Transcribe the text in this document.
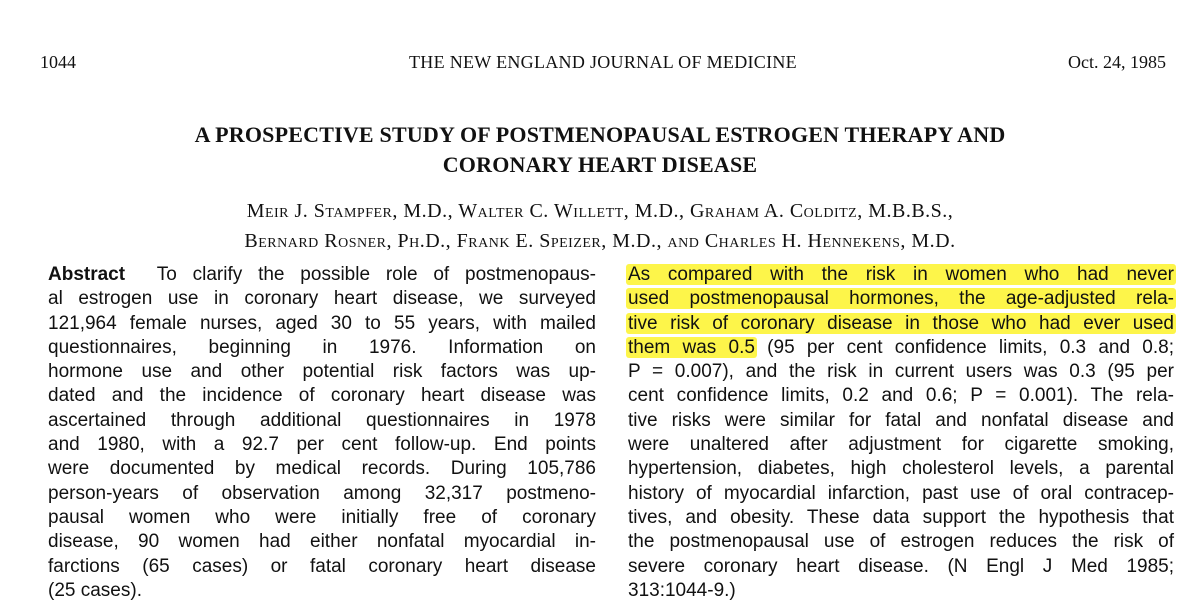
1044	THE NEW ENGLAND JOURNAL OF MEDICINE	Oct. 24, 1985
A PROSPECTIVE STUDY OF POSTMENOPAUSAL ESTROGEN THERAPY AND
CORONARY HEART DISEASE
Meir J. Stampfer, M.D., Walter C. Willett, M.D., Graham A. Colditz, M.B.B.S.,
Bernard Rosner, Ph.D., Frank E. Speizer, M.D., and Charles H. Hennekens, M.D.
Abstract To clarify the possible role of postmenopaus-
al estrogen use in coronary heart disease, we surveyed
121,964 female nurses, aged 30 to 55 years, with mailed
questionnaires, beginning in 1976. Information on
hormone use and other potential risk factors was up-
dated and the incidence of coronary heart disease was
ascertained through additional questionnaires in 1978
and 1980, with a 92.7 per cent follow-up. End points
were documented by medical records. During 105,786
person-years of observation among 32,317 postmeno-
pausal women who were initially free of coronary
disease, 90 women had either nonfatal myocardial in-
farctions (65 cases) or fatal coronary heart disease
(25 cases).
As compared with the risk in women who had never
used postmenopausal hormones, the age-adjusted rela-
tive risk of coronary disease in those who had ever used
them was 0.5 (95 per cent confidence limits, 0.3 and 0.8;
P = 0.007), and the risk in current users was 0.3 (95 per
cent confidence limits, 0.2 and 0.6; P = 0.001). The rela-
tive risks were similar for fatal and nonfatal disease and
were unaltered after adjustment for cigarette smoking,
hypertension, diabetes, high cholesterol levels, a parental
history of myocardial infarction, past use of oral contracep-
tives, and obesity. These data support the hypothesis that
the postmenopausal use of estrogen reduces the risk of
severe coronary heart disease. (N Engl J Med 1985;
313:1044-9.)
